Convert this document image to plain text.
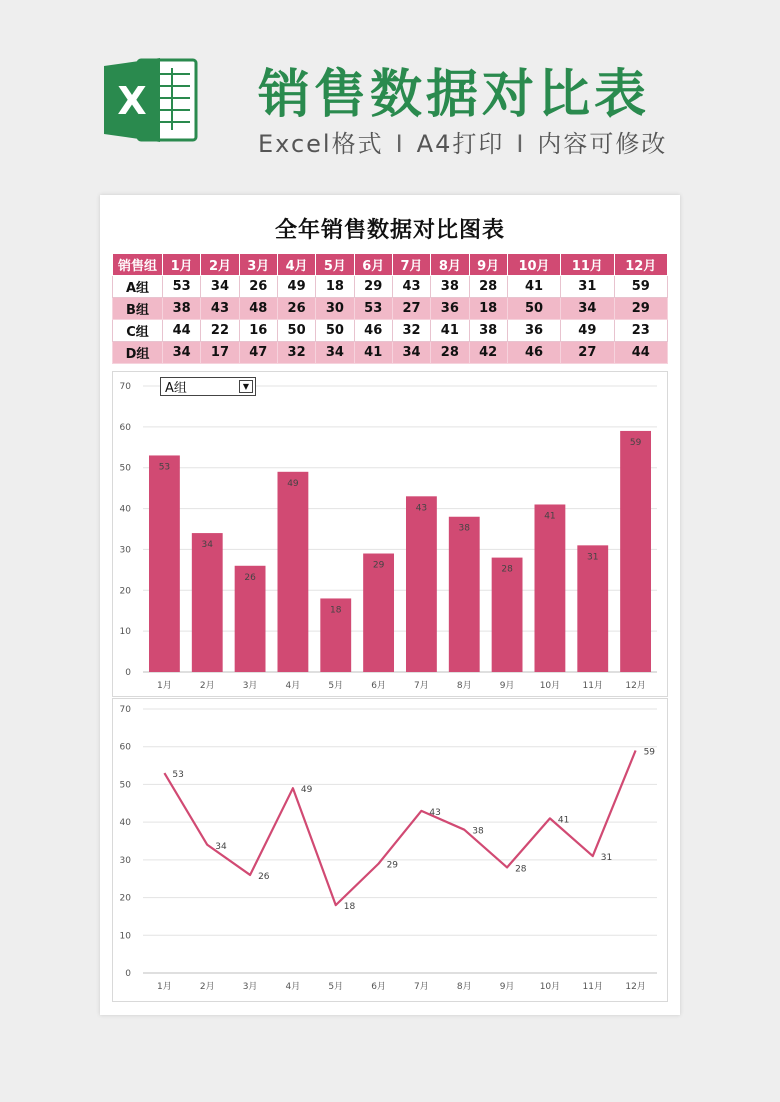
X 销售数据对比表
Excel格式 I A4打印 I 内容可修改
全年销售数据对比图表
销售组	1月	2月	3月	4月	5月	6月	7月	8月	9月	10月	11月	12月
A组	53	34	26	49	18	29	43	38	28	41	31	59
B组	38	43	48	26	30	53	27	36	18	50	34	29
C组	44	22	16	50	50	46	32	41	38	36	49	23
D组	34	17	47	32	34	41	34	28	42	46	27	44
0
10
20
30
40
50
60
70
1月	2月	3月	4月	5月	6月	7月	8月	9月	10月 11月 12月
53
34
26
49
18
29
43
38
28
41
31
59
A组	▼
0
10
20
30
40
50
60
70
1月	2月	3月	4月	5月	6月	7月	8月	9月	10月 11月 12月
53
34
26
49
18
29
43
38
28
41
31
59
